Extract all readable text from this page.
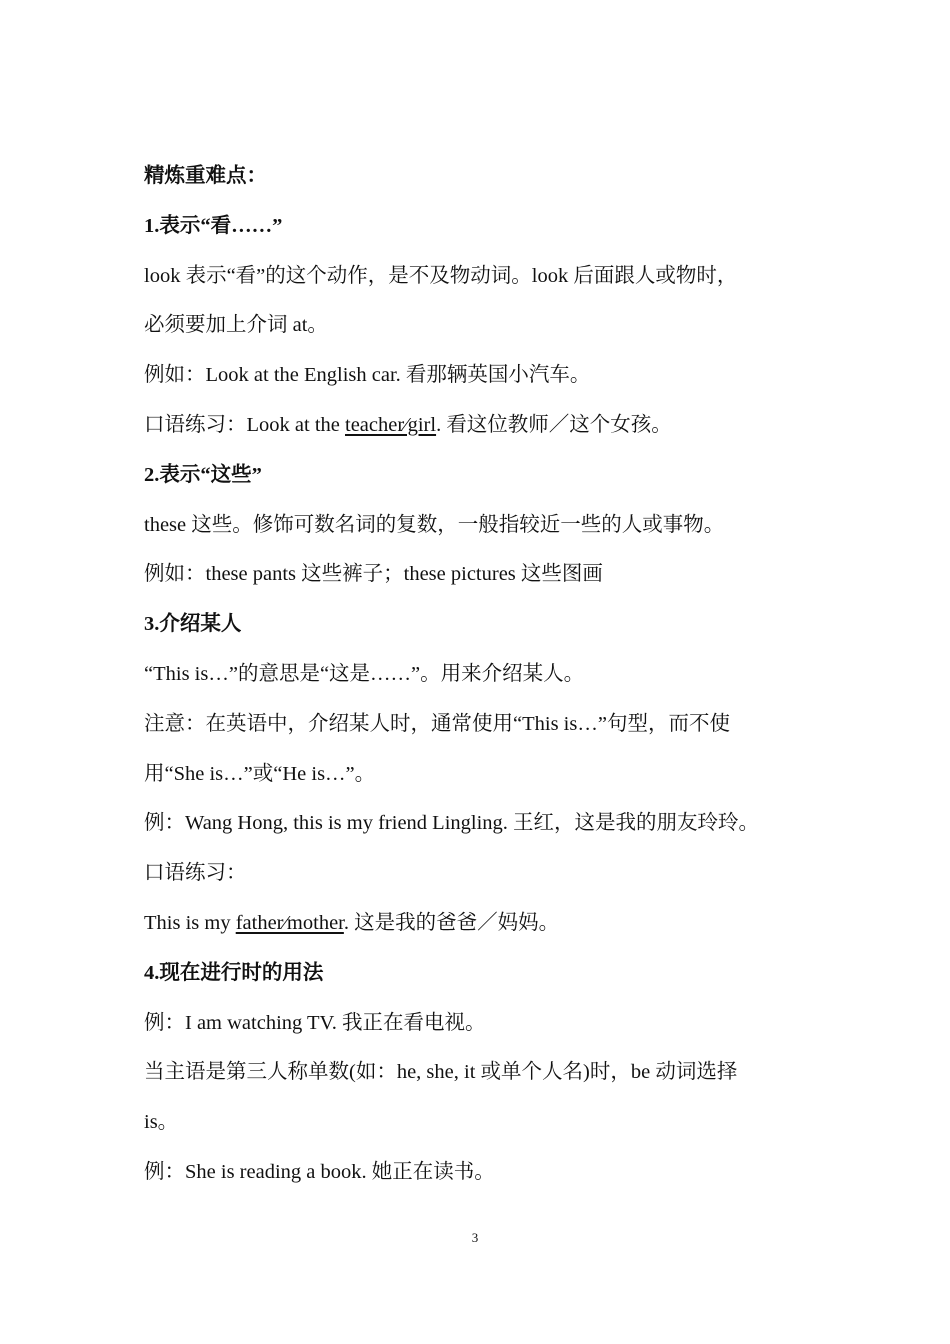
精炼重难点：
1.表示“看……”
look 表示“看”的这个动作，是不及物动词。look 后面跟人或物时，
必须要加上介词 at。
例如：Look at the English car. 看那辆英国小汽车。
口语练习：Look at the teacher⁄girl. 看这位教师／这个女孩。
2.表示“这些”
these 这些。修饰可数名词的复数，一般指较近一些的人或事物。
例如：these pants 这些裤子；these pictures 这些图画
3.介绍某人
“This is…”的意思是“这是……”。用来介绍某人。
注意：在英语中，介绍某人时，通常使用“This is…”句型，而不使
用“She is…”或“He is…”。
例：Wang Hong, this is my friend Lingling. 王红，这是我的朋友玲玲。
口语练习：
This is my father⁄mother. 这是我的爸爸／妈妈。
4.现在进行时的用法
例：I am watching TV. 我正在看电视。
当主语是第三人称单数(如：he, she, it 或单个人名)时，be 动词选择
is。
例：She is reading a book. 她正在读书。
3
